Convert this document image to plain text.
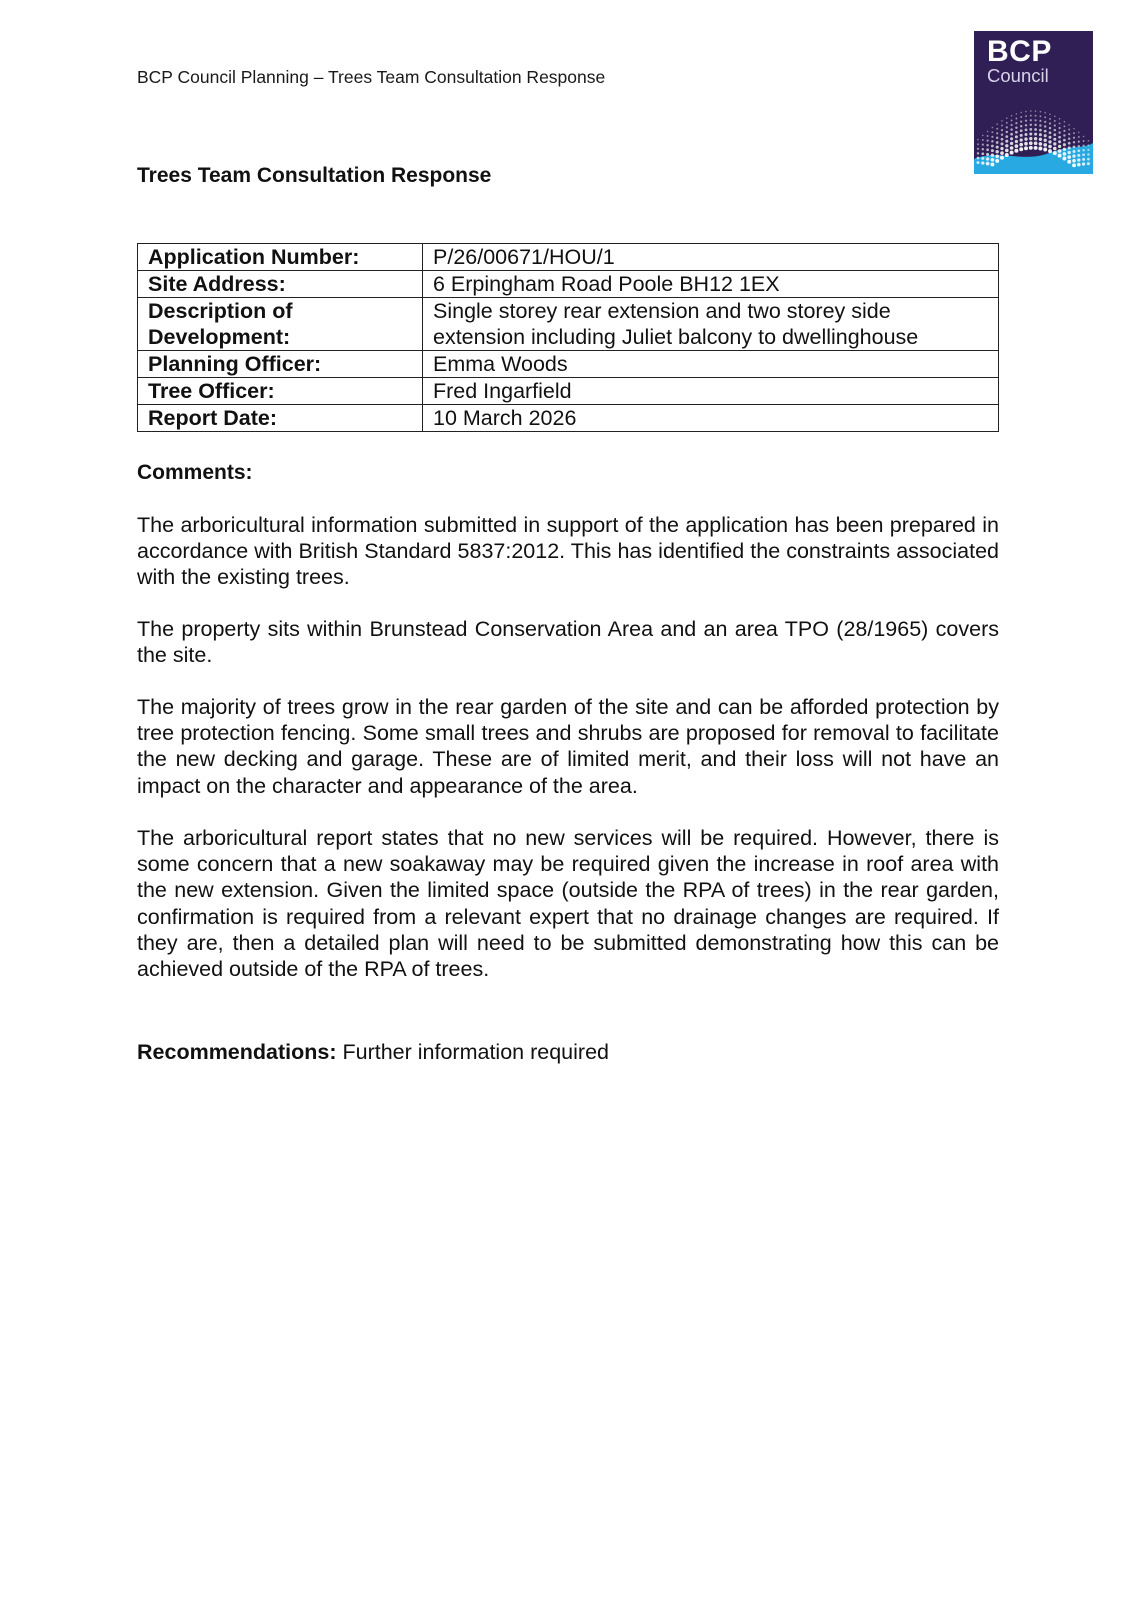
BCP Council Planning – Trees Team Consultation Response
BCP
Council
Trees Team Consultation Response
Application Number:	P/26/00671/HOU/1
Site Address:	6 Erpingham Road Poole BH12 1EX
Description of Development:	Single storey rear extension and two storey side extension including Juliet balcony to dwellinghouse
Planning Officer:	Emma Woods
Tree Officer:	Fred Ingarfield
Report Date:	10 March 2026
Comments:

The arboricultural information submitted in support of the application has been prepared in accordance with British Standard 5837:2012. This has identified the constraints associated with the existing trees.

The property sits within Brunstead Conservation Area and an area TPO (28/1965) covers the site.

The majority of trees grow in the rear garden of the site and can be afforded protection by tree protection fencing. Some small trees and shrubs are proposed for removal to facilitate the new decking and garage. These are of limited merit, and their loss will not have an impact on the character and appearance of the area.

The arboricultural report states that no new services will be required. However, there is some concern that a new soakaway may be required given the increase in roof area with the new extension. Given the limited space (outside the RPA of trees) in the rear garden, confirmation is required from a relevant expert that no drainage changes are required. If they are, then a detailed plan will need to be submitted demonstrating how this can be achieved outside of the RPA of trees.

Recommendations: Further information required
